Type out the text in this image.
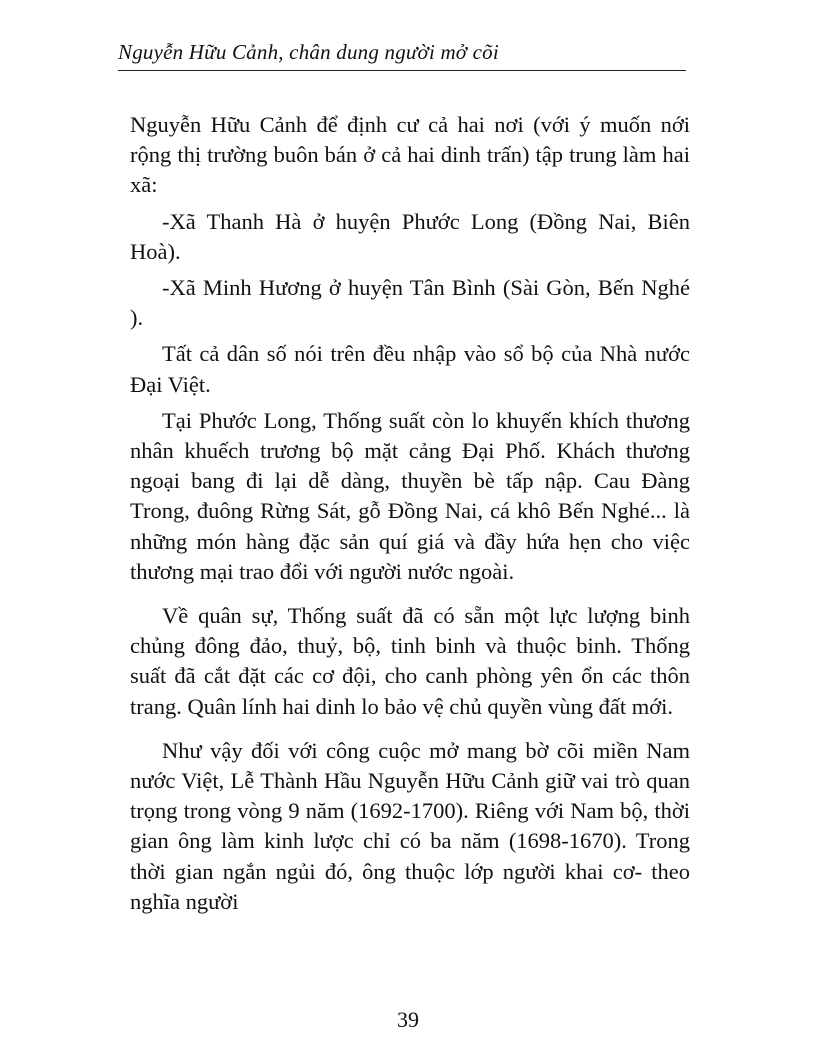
Nguyễn Hữu Cảnh, chân dung người mở cõi

Nguyễn Hữu Cảnh để định cư cả hai nơi (với ý muốn nới rộng thị trường buôn bán ở cả hai dinh trấn) tập trung làm hai xã:

-Xã Thanh Hà ở huyện Phước Long (Đồng Nai, Biên Hoà).

-Xã Minh Hương ở huyện Tân Bình (Sài Gòn, Bến Nghé ).

Tất cả dân số nói trên đều nhập vào sổ bộ của Nhà nước Đại Việt.

Tại Phước Long, Thống suất còn lo khuyến khích thương nhân khuếch trương bộ mặt cảng Đại Phố. Khách thương ngoại bang đi lại dễ dàng, thuyền bè tấp nập. Cau Đàng Trong, đuông Rừng Sát, gỗ Đồng Nai, cá khô Bến Nghé... là những món hàng đặc sản quí giá và đầy hứa hẹn cho việc thương mại trao đổi với người nước ngoài.

Về quân sự, Thống suất đã có sẵn một lực lượng binh chủng đông đảo, thuỷ, bộ, tinh binh và thuộc binh. Thống suất đã cắt đặt các cơ đội, cho canh phòng yên ổn các thôn trang. Quân lính hai dinh lo bảo vệ chủ quyền vùng đất mới.

Như vậy đối với công cuộc mở mang bờ cõi miền Nam nước Việt, Lễ Thành Hầu Nguyễn Hữu Cảnh giữ vai trò quan trọng trong vòng 9 năm (1692-1700). Riêng với Nam bộ, thời gian ông làm kinh lược chỉ có ba năm (1698-1670). Trong thời gian ngắn ngủi đó, ông thuộc lớp người khai cơ- theo nghĩa người

39
